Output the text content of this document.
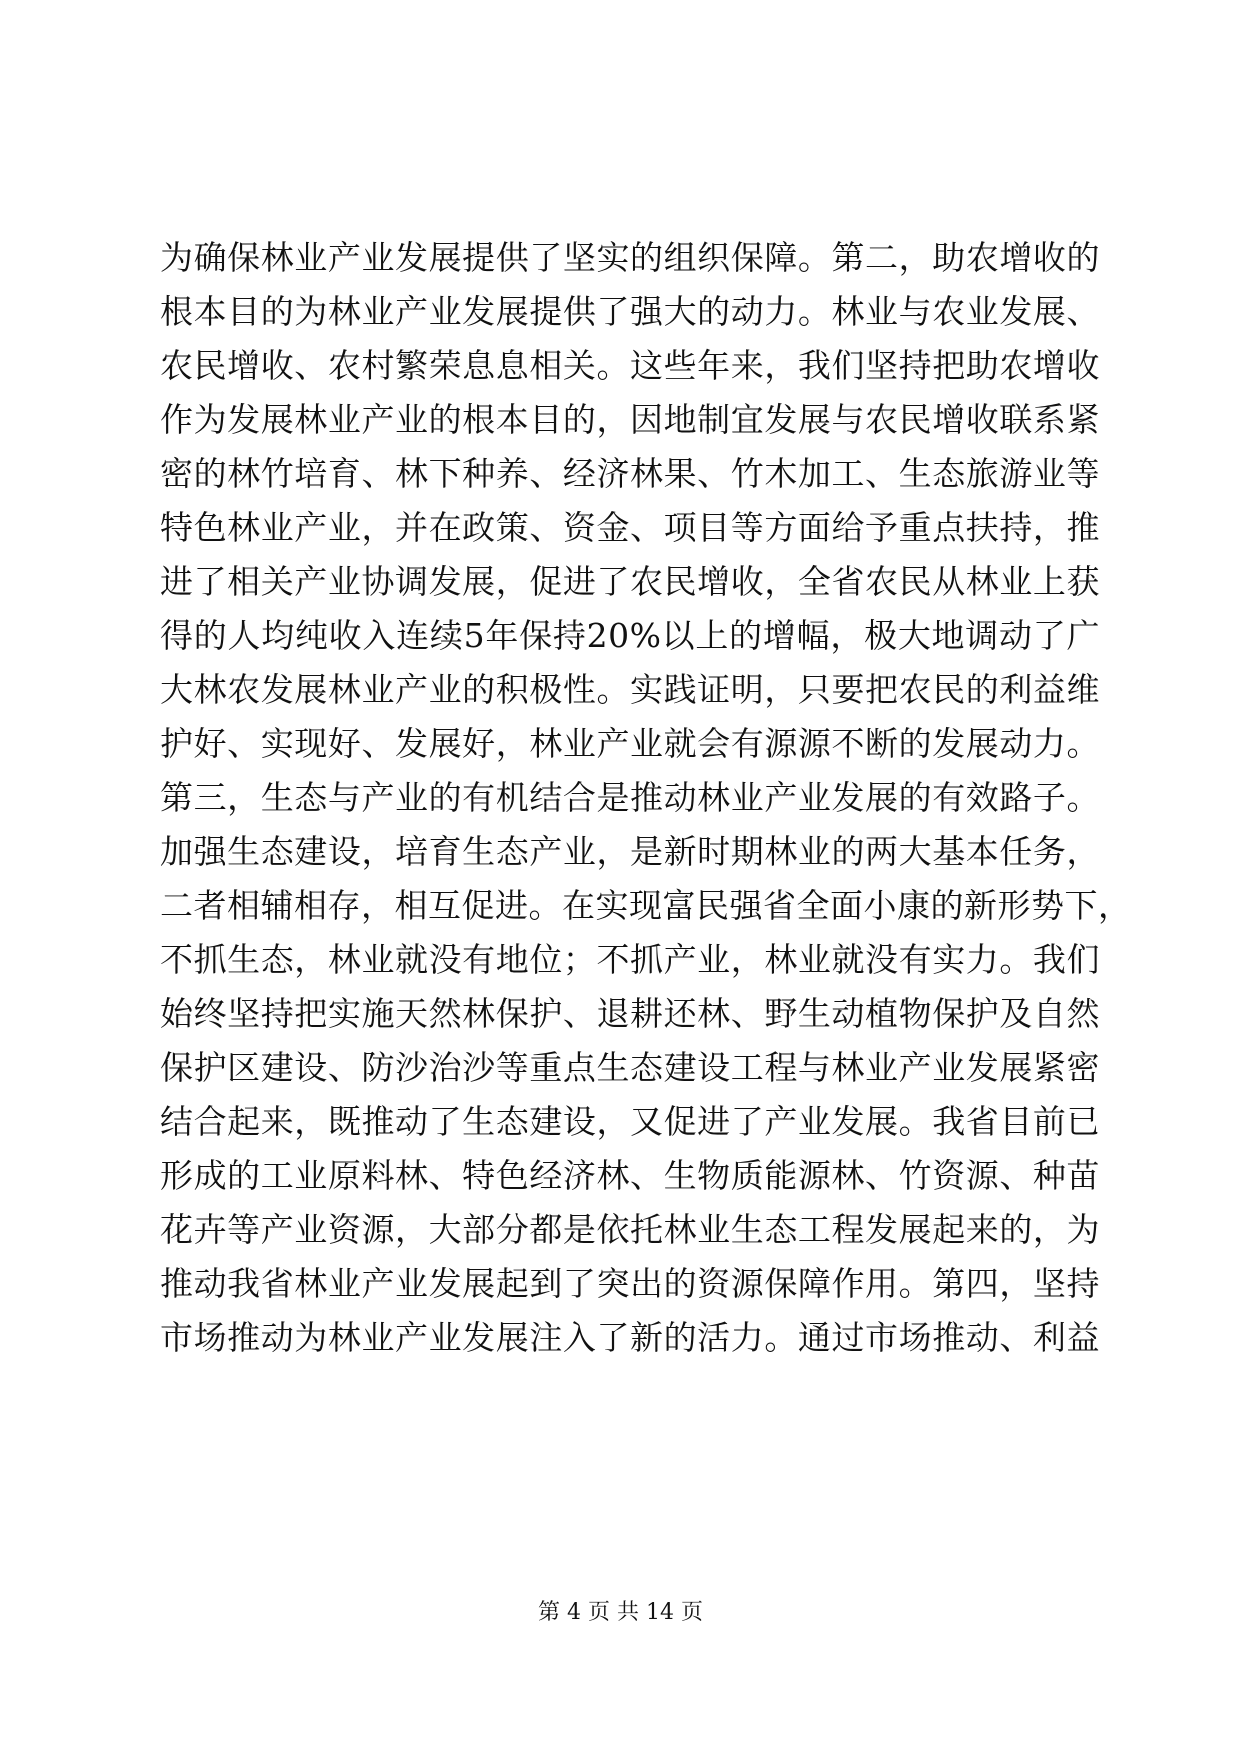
为确保林业产业发展提供了坚实的组织保障。第二，助农增收的
根本目的为林业产业发展提供了强大的动力。林业与农业发展、
农民增收、农村繁荣息息相关。这些年来，我们坚持把助农增收
作为发展林业产业的根本目的，因地制宜发展与农民增收联系紧
密的林竹培育、林下种养、经济林果、竹木加工、生态旅游业等
特色林业产业，并在政策、资金、项目等方面给予重点扶持，推
进了相关产业协调发展，促进了农民增收，全省农民从林业上获
得的人均纯收入连续5年保持20%以上的增幅，极大地调动了广
大林农发展林业产业的积极性。实践证明，只要把农民的利益维
护好、实现好、发展好，林业产业就会有源源不断的发展动力。
第三，生态与产业的有机结合是推动林业产业发展的有效路子。
加强生态建设，培育生态产业，是新时期林业的两大基本任务，
二者相辅相存，相互促进。在实现富民强省全面小康的新形势下，
不抓生态，林业就没有地位；不抓产业，林业就没有实力。我们
始终坚持把实施天然林保护、退耕还林、野生动植物保护及自然
保护区建设、防沙治沙等重点生态建设工程与林业产业发展紧密
结合起来，既推动了生态建设，又促进了产业发展。我省目前已
形成的工业原料林、特色经济林、生物质能源林、竹资源、种苗
花卉等产业资源，大部分都是依托林业生态工程发展起来的，为
推动我省林业产业发展起到了突出的资源保障作用。第四，坚持
市场推动为林业产业发展注入了新的活力。通过市场推动、利益
第 4 页 共 14 页
